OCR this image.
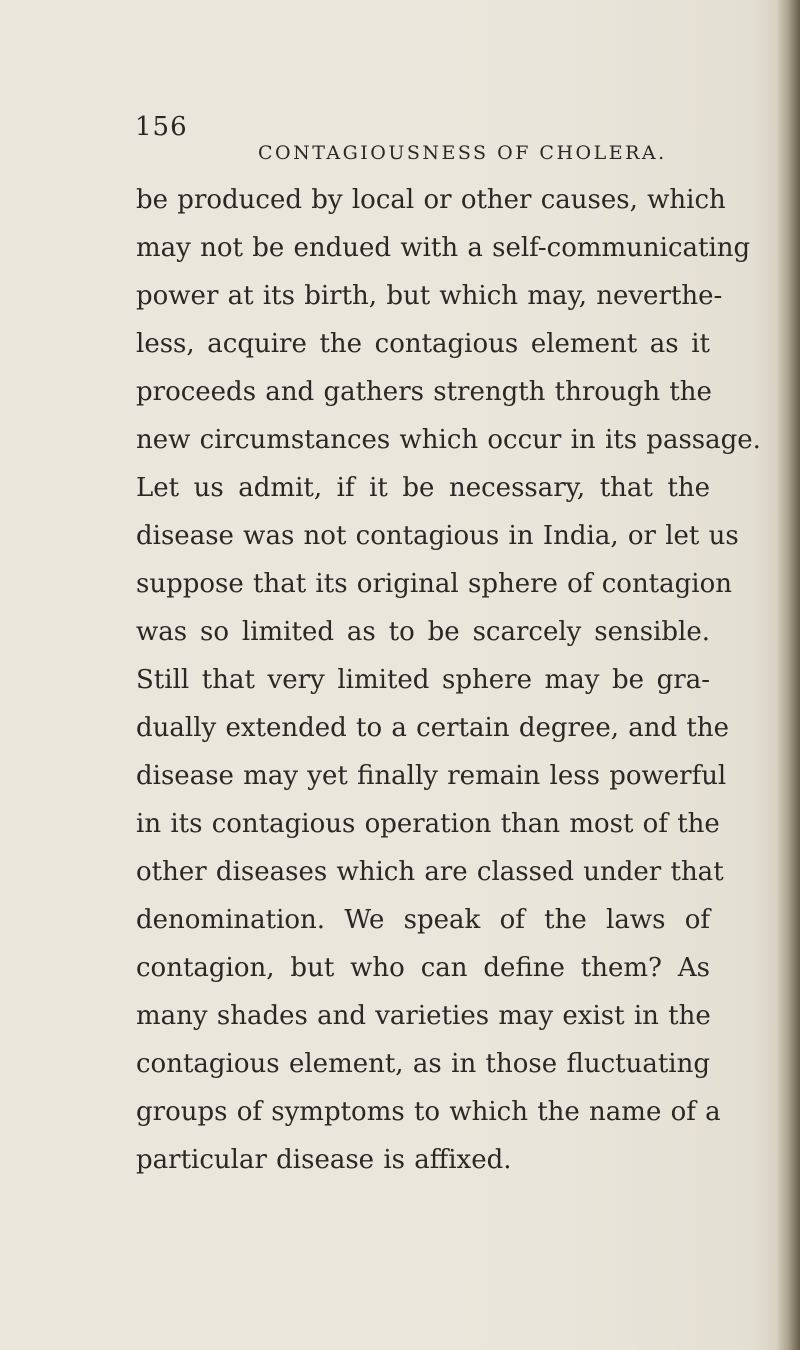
156
CONTAGIOUSNESS OF CHOLERA.
be produced by local or other causes, which
may not be endued with a self-communicating
power at its birth, but which may, neverthe-
less, acquire the contagious element as it
proceeds and gathers strength through the
new circumstances which occur in its passage.
Let us admit, if it be necessary, that the
disease was not contagious in India, or let us
suppose that its original sphere of contagion
was so limited as to be scarcely sensible.
Still that very limited sphere may be gra-
dually extended to a certain degree, and the
disease may yet finally remain less powerful
in its contagious operation than most of the
other diseases which are classed under that
denomination. We speak of the laws of
contagion, but who can define them? As
many shades and varieties may exist in the
contagious element, as in those fluctuating
groups of symptoms to which the name of a
particular disease is affixed.
